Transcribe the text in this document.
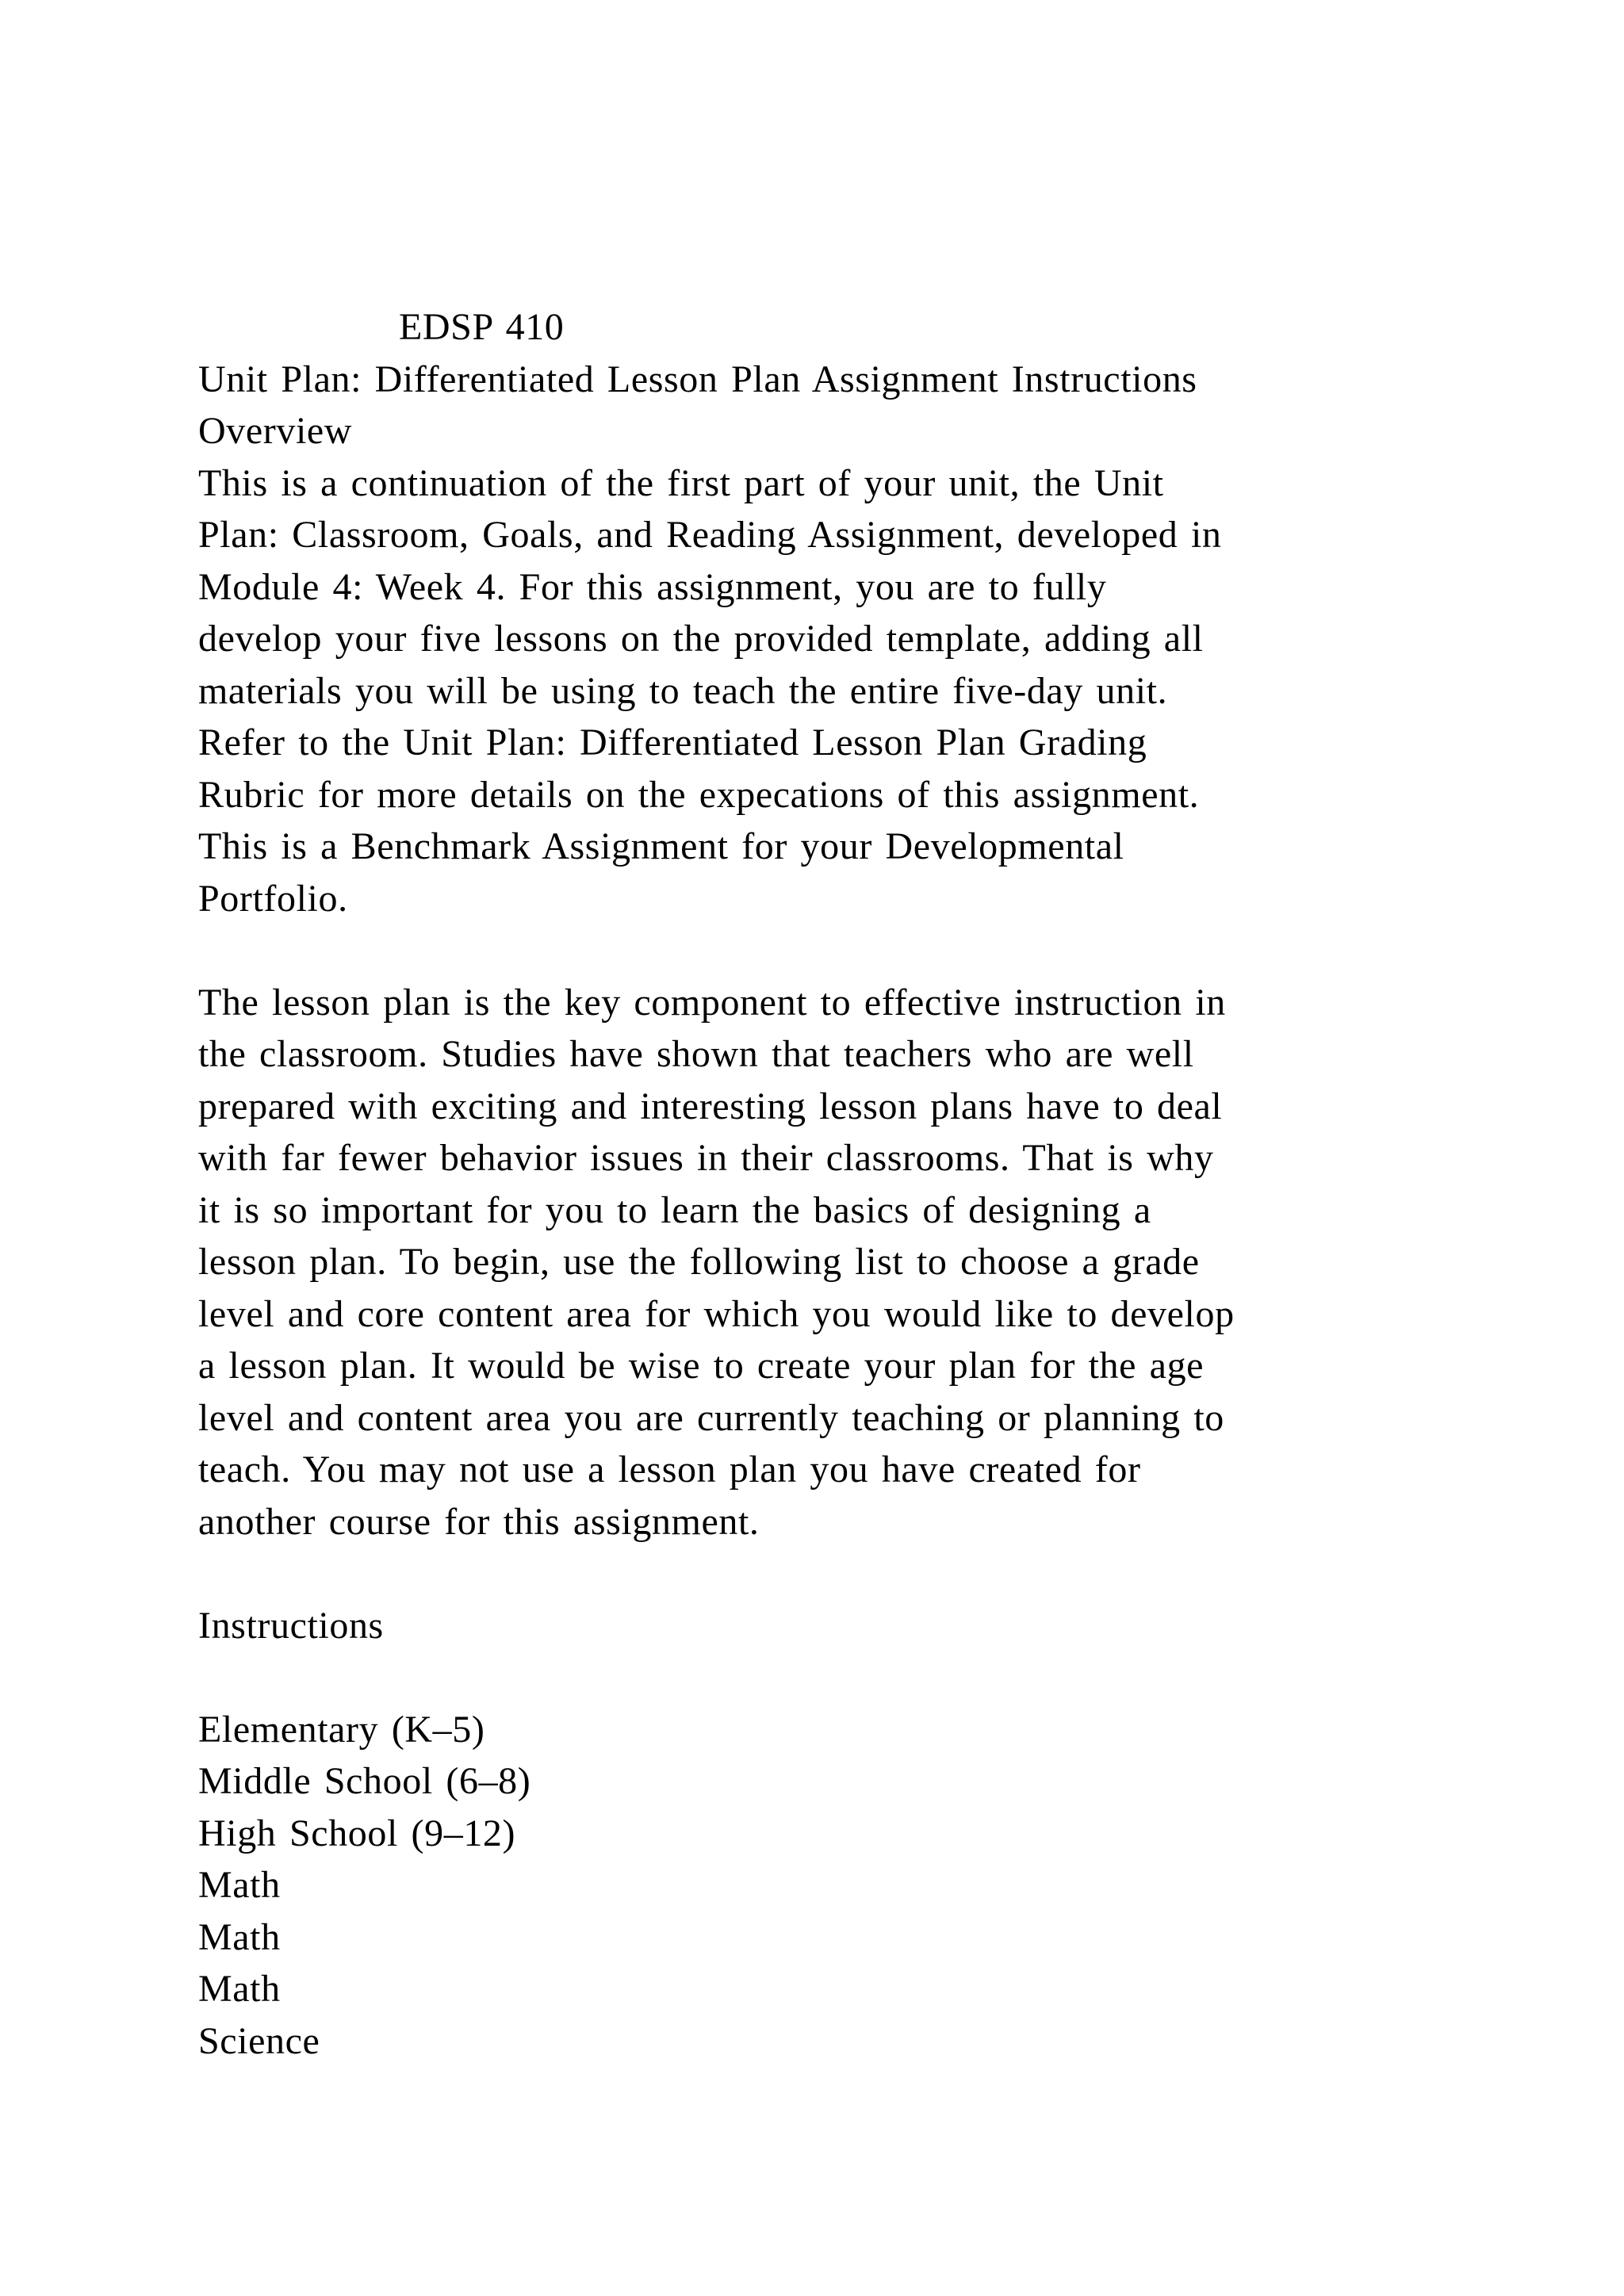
EDSP 410
Unit Plan: Differentiated Lesson Plan Assignment Instructions
Overview
This is a continuation of the first part of your unit, the Unit
Plan: Classroom, Goals, and Reading Assignment, developed in
Module 4: Week 4. For this assignment, you are to fully
develop your five lessons on the provided template, adding all
materials you will be using to teach the entire five-day unit.
Refer to the Unit Plan: Differentiated Lesson Plan Grading
Rubric for more details on the expecations of this assignment.
This is a Benchmark Assignment for your Developmental
Portfolio.
The lesson plan is the key component to effective instruction in
the classroom. Studies have shown that teachers who are well
prepared with exciting and interesting lesson plans have to deal
with far fewer behavior issues in their classrooms. That is why
it is so important for you to learn the basics of designing a
lesson plan. To begin, use the following list to choose a grade
level and core content area for which you would like to develop
a lesson plan. It would be wise to create your plan for the age
level and content area you are currently teaching or planning to
teach. You may not use a lesson plan you have created for
another course for this assignment.
Instructions
Elementary (K–5)
Middle School (6–8)
High School (9–12)
Math
Math
Math
Science
